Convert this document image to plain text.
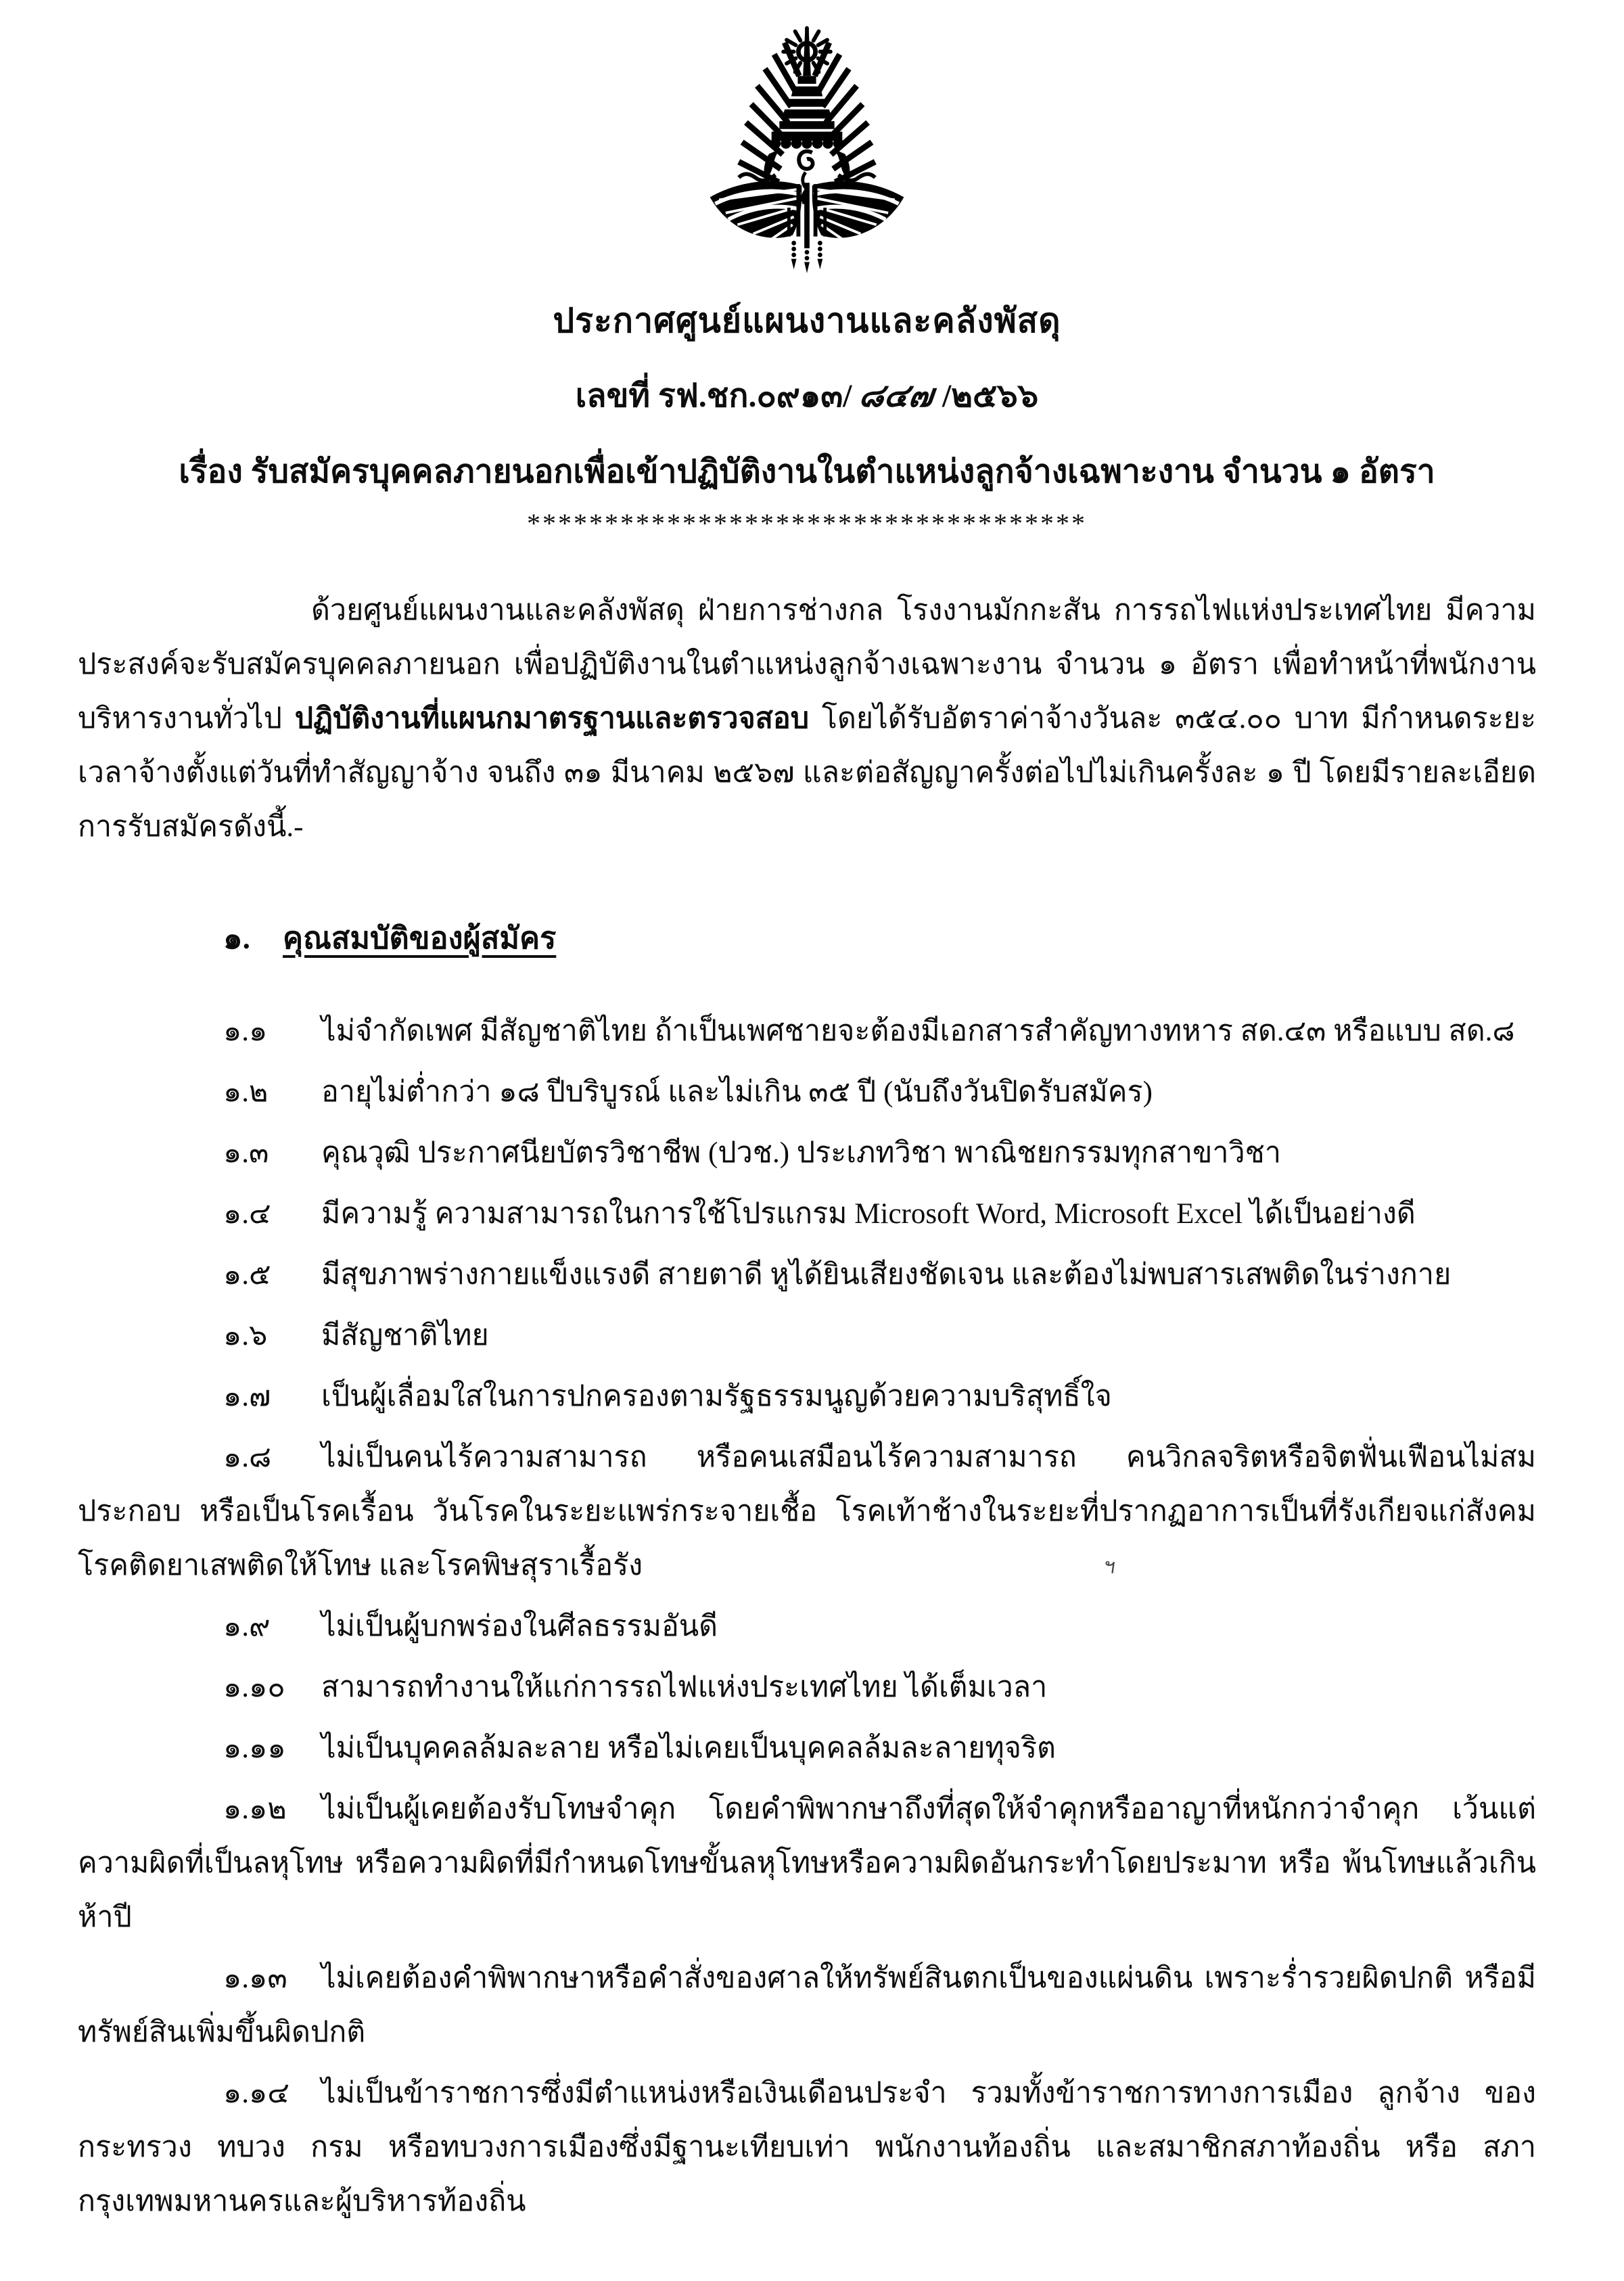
ประกาศศูนย์แผนงานและคลังพัสดุ
เลขที่ รฟ.ชก.๐๙๑๓/ ๘๔๗ /๒๕๖๖
เรื่อง รับสมัครบุคคลภายนอกเพื่อเข้าปฏิบัติงานในตำแหน่งลูกจ้างเฉพาะงาน จำนวน ๑ อัตรา
************************************

ด้วยศูนย์แผนงานและคลังพัสดุ ฝ่ายการช่างกล โรงงานมักกะสัน การรถไฟแห่งประเทศไทย มีความประสงค์จะรับสมัครบุคคลภายนอก เพื่อปฏิบัติงานในตำแหน่งลูกจ้างเฉพาะงาน จำนวน ๑ อัตรา เพื่อทำหน้าที่พนักงานบริหารงานทั่วไป ปฏิบัติงานที่แผนกมาตรฐานและตรวจสอบ โดยได้รับอัตราค่าจ้างวันละ ๓๕๔.๐๐ บาท มีกำหนดระยะเวลาจ้างตั้งแต่วันที่ทำสัญญาจ้าง จนถึง ๓๑ มีนาคม ๒๕๖๗ และต่อสัญญาครั้งต่อไปไม่เกินครั้งละ ๑ ปี โดยมีรายละเอียดการรับสมัครดังนี้.-

๑. คุณสมบัติของผู้สมัคร

๑.๑ ไม่จำกัดเพศ มีสัญชาติไทย ถ้าเป็นเพศชายจะต้องมีเอกสารสำคัญทางทหาร สด.๔๓ หรือแบบ สด.๘

๑.๒ อายุไม่ต่ำกว่า ๑๘ ปีบริบูรณ์ และไม่เกิน ๓๕ ปี (นับถึงวันปิดรับสมัคร)

๑.๓ คุณวุฒิ ประกาศนียบัตรวิชาชีพ (ปวช.) ประเภทวิชา พาณิชยกรรมทุกสาขาวิชา

๑.๔ มีความรู้ ความสามารถในการใช้โปรแกรม Microsoft Word, Microsoft Excel ได้เป็นอย่างดี

๑.๕ มีสุขภาพร่างกายแข็งแรงดี สายตาดี หูได้ยินเสียงชัดเจน และต้องไม่พบสารเสพติดในร่างกาย

๑.๖ มีสัญชาติไทย

๑.๗ เป็นผู้เลื่อมใสในการปกครองตามรัฐธรรมนูญด้วยความบริสุทธิ์ใจ

๑.๘ ไม่เป็นคนไร้ความสามารถ หรือคนเสมือนไร้ความสามารถ คนวิกลจริตหรือจิตฟั่นเฟือนไม่สมประกอบ หรือเป็นโรคเรื้อน วันโรคในระยะแพร่กระจายเชื้อ โรคเท้าช้างในระยะที่ปรากฏอาการเป็นที่รังเกียจแก่สังคม โรคติดยาเสพติดให้โทษ และโรคพิษสุราเรื้อรัง

๑.๙ ไม่เป็นผู้บกพร่องในศีลธรรมอันดี

๑.๑๐ สามารถทำงานให้แก่การรถไฟแห่งประเทศไทย ได้เต็มเวลา

๑.๑๑ ไม่เป็นบุคคลล้มละลาย หรือไม่เคยเป็นบุคคลล้มละลายทุจริต

๑.๑๒ ไม่เป็นผู้เคยต้องรับโทษจำคุก โดยคำพิพากษาถึงที่สุดให้จำคุกหรืออาญาที่หนักกว่าจำคุก เว้นแต่ความผิดที่เป็นลหุโทษ หรือความผิดที่มีกำหนดโทษขั้นลหุโทษหรือความผิดอันกระทำโดยประมาท หรือ พ้นโทษแล้วเกินห้าปี

๑.๑๓ ไม่เคยต้องคำพิพากษาหรือคำสั่งของศาลให้ทรัพย์สินตกเป็นของแผ่นดิน เพราะร่ำรวยผิดปกติ หรือมีทรัพย์สินเพิ่มขึ้นผิดปกติ

๑.๑๔ ไม่เป็นข้าราชการซึ่งมีตำแหน่งหรือเงินเดือนประจำ รวมทั้งข้าราชการทางการเมือง ลูกจ้าง ของกระทรวง ทบวง กรม หรือทบวงการเมืองซึ่งมีฐานะเทียบเท่า พนักงานท้องถิ่น และสมาชิกสภาท้องถิ่น หรือ สภากรุงเทพมหานครและผู้บริหารท้องถิ่น

ฯ
